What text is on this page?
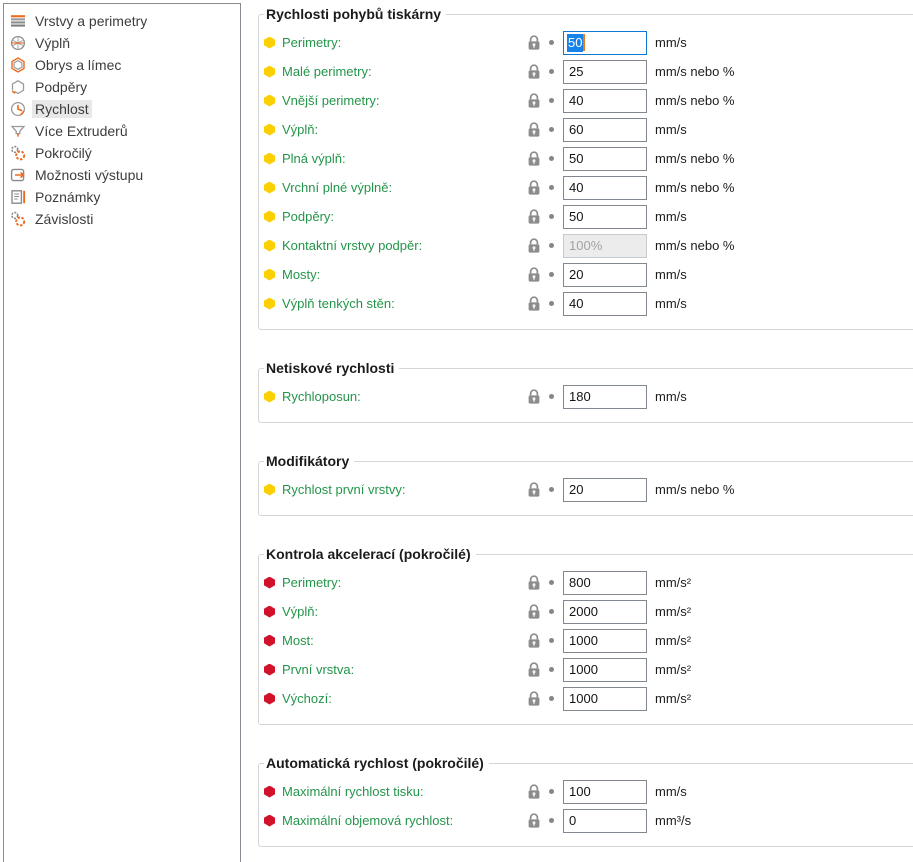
Vrstvy a perimetry
Výplň
Obrys a límec
Podpěry
Rychlost
Více Extruderů
Pokročilý
Možnosti výstupu
Poznámky
Závislosti
Rychlosti pohybů tiskárny
Perimetry:	50	mm/s
Malé perimetry:
25	mm/s nebo %
Vnější perimetry:
40	mm/s nebo %
Výplň:
60	mm/s
Plná výplň:
50	mm/s nebo %
Vrchní plné výplně:
40	mm/s nebo %
Podpěry:
50	mm/s
Kontaktní vrstvy podpěr:
100%	mm/s nebo %
Mosty:
20	mm/s
Výplň tenkých stěn:
40	mm/s
Netiskové rychlosti
Rychloposun:
180	mm/s
Modifikátory
Rychlost první vrstvy:
20	mm/s nebo %
Kontrola akcelerací (pokročilé)
Perimetry:
800	mm/s²
Výplň:
2000	mm/s²
Most:
1000	mm/s²
První vrstva:
1000	mm/s²
Výchozí:
1000	mm/s²
Automatická rychlost (pokročilé)
Maximální rychlost tisku:
100	mm/s
Maximální objemová rychlost:
0	mm³/s
